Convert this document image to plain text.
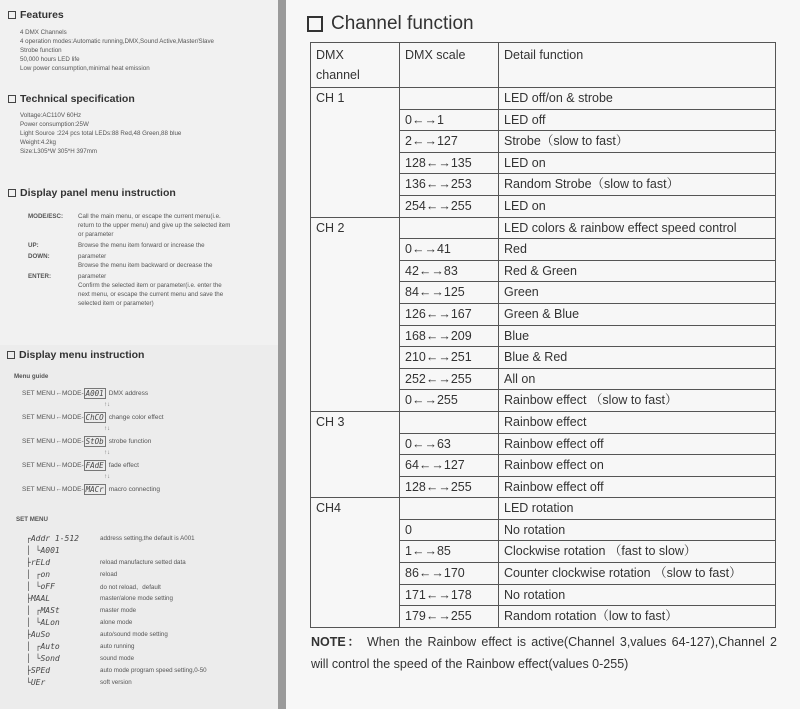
Features
4 DMX Channels
4 operation modes:Automatic running,DMX,Sound Active,Master/Slave
Strobe function
50,000 hours LED life
Low power consumption,minimal heat emission
Technical specification
Voltage:AC110V 60Hz
Power consumption:25W
Light Source :224 pcs total LEDs:88 Red,48 Green,88 blue
Weight:4.2kg
Size:L305*W 305*H 397mm
Display panel menu instruction
MODE/ESC:	Call the main menu, or escape the current menu(i.e.
return to the upper menu) and give up the selected item
or parameter
UP:	Browse the menu item forward or increase the
DOWN:	parameter
Browse the menu item backward or decrease the
ENTER:	parameter
Confirm the selected item or parameter(i.e. enter the
next menu, or escape the current menu and save the
selected item or parameter)
Display menu instruction
Menu guide
SET MENU←MODE- A001 DMX address
↑↓
SET MENU←MODE- ChCO change color effect
↑↓
SET MENU←MODE- StOb strobe function
↑↓
SET MENU←MODE- FAdE fade effect
↑↓
SET MENU←MODE- MACr macro connecting
SET MENU
┌Addr 1-512	address setting,the default is A001
│ └A001
├rELd	reload manufacture setted data
│ ┌on	reload
│ └oFF	do not reload、default
├MAAL	master/alone mode setting
│ ┌MASt	master mode
│ └ALon	alone mode
├AuSo	auto/sound mode setting
│ ┌Auto	auto running
│ └Sond	sound mode
├SPEd	auto mode program speed setting,0-50
└UEr	soft version
Channel function
DMX channel	DMX scale	Detail function
CH 1		LED off/on & strobe
	0←→1	LED off
	2←→127	Strobe（slow to fast）
	128←→135	LED on
	136←→253	Random Strobe（slow to fast）
	254←→255	LED on
CH 2		LED colors & rainbow effect speed control
	0←→41	Red
	42←→83	Red & Green
	84←→125	Green
	126←→167	Green & Blue
	168←→209	Blue
	210←→251	Blue & Red
	252←→255	All on
	0←→255	Rainbow effect （slow to fast）
CH 3		Rainbow effect
	0←→63	Rainbow effect off
	64←→127	Rainbow effect on
	128←→255	Rainbow effect off
CH4		LED rotation
	0	No rotation
	1←→85	Clockwise rotation （fast to slow）
	86←→170	Counter clockwise rotation （slow to fast）
	171←→178	No rotation
	179←→255	Random rotation（low to fast）
NOTE： When the Rainbow effect is active(Channel 3,values 64-127),Channel 2 will control the speed of the Rainbow effect(values 0-255)
